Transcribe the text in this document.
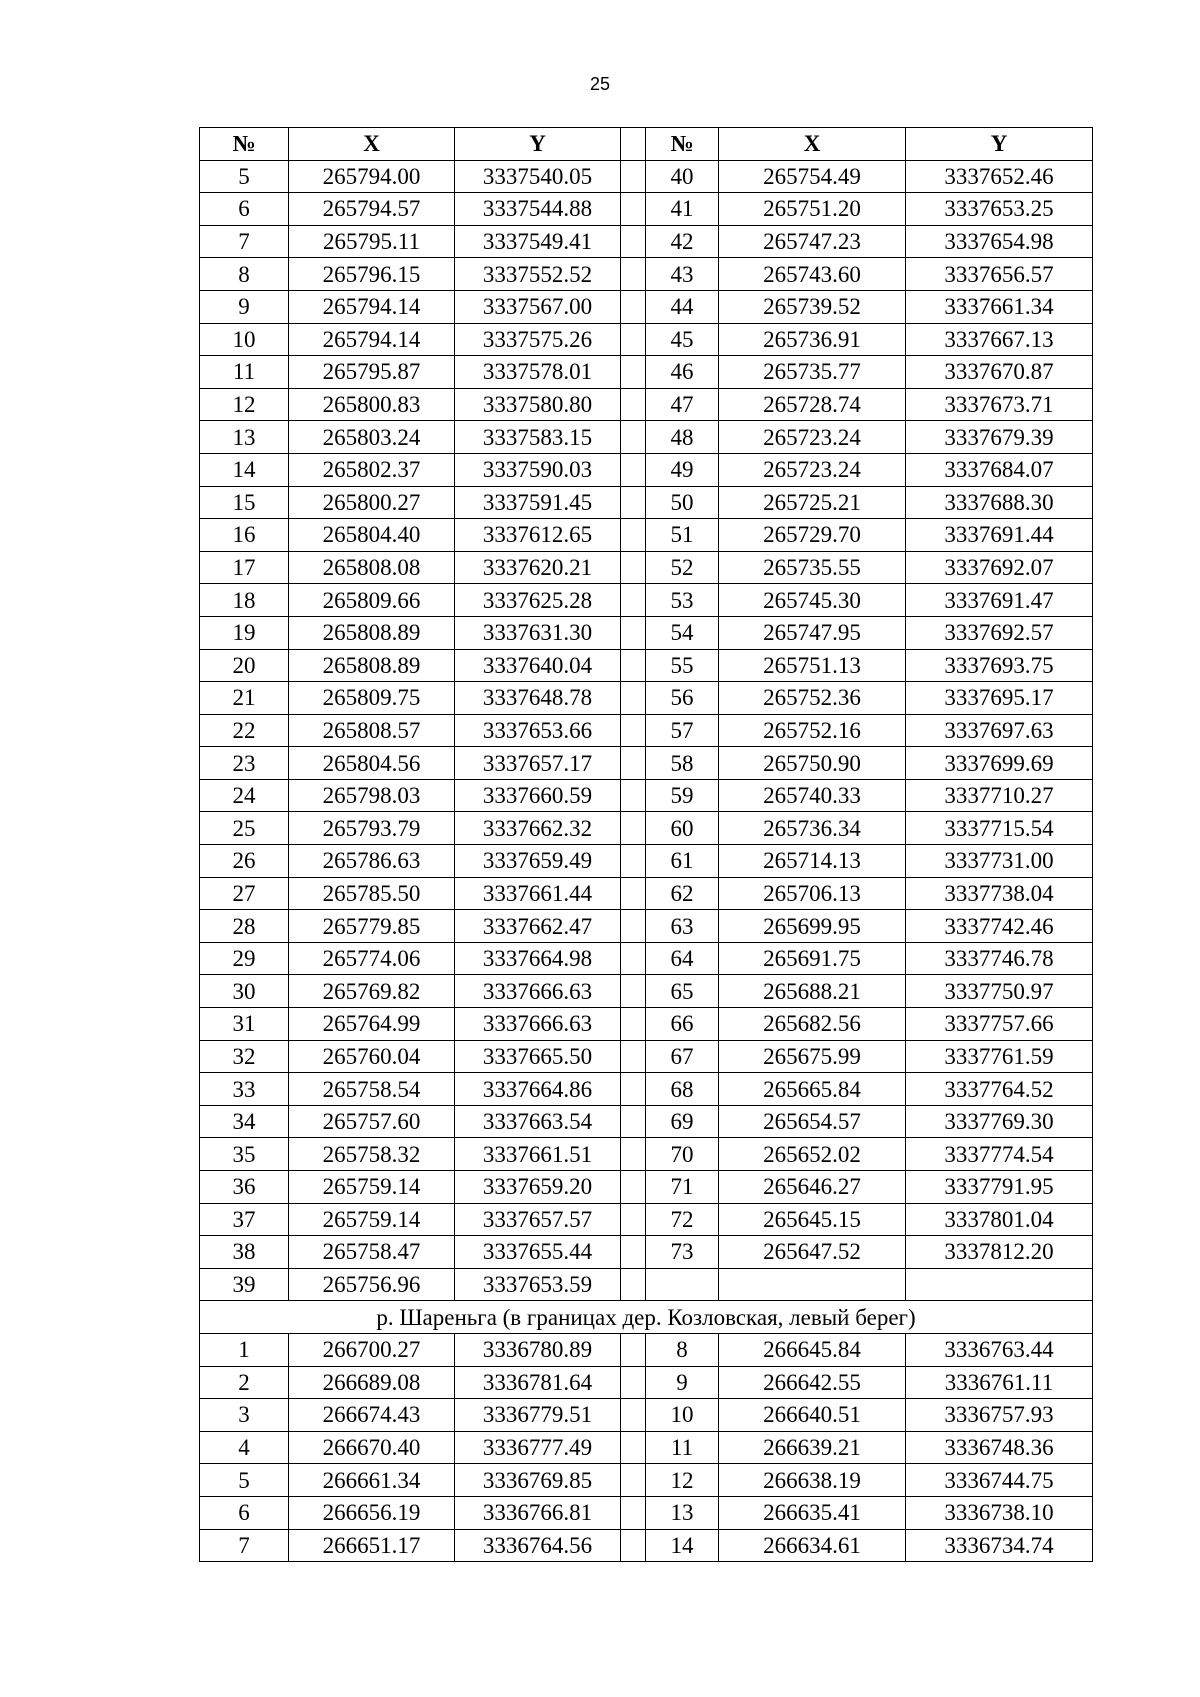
25
№	X	Y		№	X	Y
5	265794.00	3337540.05		40	265754.49	3337652.46
6	265794.57	3337544.88		41	265751.20	3337653.25
7	265795.11	3337549.41		42	265747.23	3337654.98
8	265796.15	3337552.52		43	265743.60	3337656.57
9	265794.14	3337567.00		44	265739.52	3337661.34
10	265794.14	3337575.26		45	265736.91	3337667.13
11	265795.87	3337578.01		46	265735.77	3337670.87
12	265800.83	3337580.80		47	265728.74	3337673.71
13	265803.24	3337583.15		48	265723.24	3337679.39
14	265802.37	3337590.03		49	265723.24	3337684.07
15	265800.27	3337591.45		50	265725.21	3337688.30
16	265804.40	3337612.65		51	265729.70	3337691.44
17	265808.08	3337620.21		52	265735.55	3337692.07
18	265809.66	3337625.28		53	265745.30	3337691.47
19	265808.89	3337631.30		54	265747.95	3337692.57
20	265808.89	3337640.04		55	265751.13	3337693.75
21	265809.75	3337648.78		56	265752.36	3337695.17
22	265808.57	3337653.66		57	265752.16	3337697.63
23	265804.56	3337657.17		58	265750.90	3337699.69
24	265798.03	3337660.59		59	265740.33	3337710.27
25	265793.79	3337662.32		60	265736.34	3337715.54
26	265786.63	3337659.49		61	265714.13	3337731.00
27	265785.50	3337661.44		62	265706.13	3337738.04
28	265779.85	3337662.47		63	265699.95	3337742.46
29	265774.06	3337664.98		64	265691.75	3337746.78
30	265769.82	3337666.63		65	265688.21	3337750.97
31	265764.99	3337666.63		66	265682.56	3337757.66
32	265760.04	3337665.50		67	265675.99	3337761.59
33	265758.54	3337664.86		68	265665.84	3337764.52
34	265757.60	3337663.54		69	265654.57	3337769.30
35	265758.32	3337661.51		70	265652.02	3337774.54
36	265759.14	3337659.20		71	265646.27	3337791.95
37	265759.14	3337657.57		72	265645.15	3337801.04
38	265758.47	3337655.44		73	265647.52	3337812.20
39	265756.96	3337653.59				
р. Шареньга (в границах дер. Козловская, левый берег)						
1	266700.27	3336780.89		8	266645.84	3336763.44
2	266689.08	3336781.64		9	266642.55	3336761.11
3	266674.43	3336779.51		10	266640.51	3336757.93
4	266670.40	3336777.49		11	266639.21	3336748.36
5	266661.34	3336769.85		12	266638.19	3336744.75
6	266656.19	3336766.81		13	266635.41	3336738.10
7	266651.17	3336764.56		14	266634.61	3336734.74
